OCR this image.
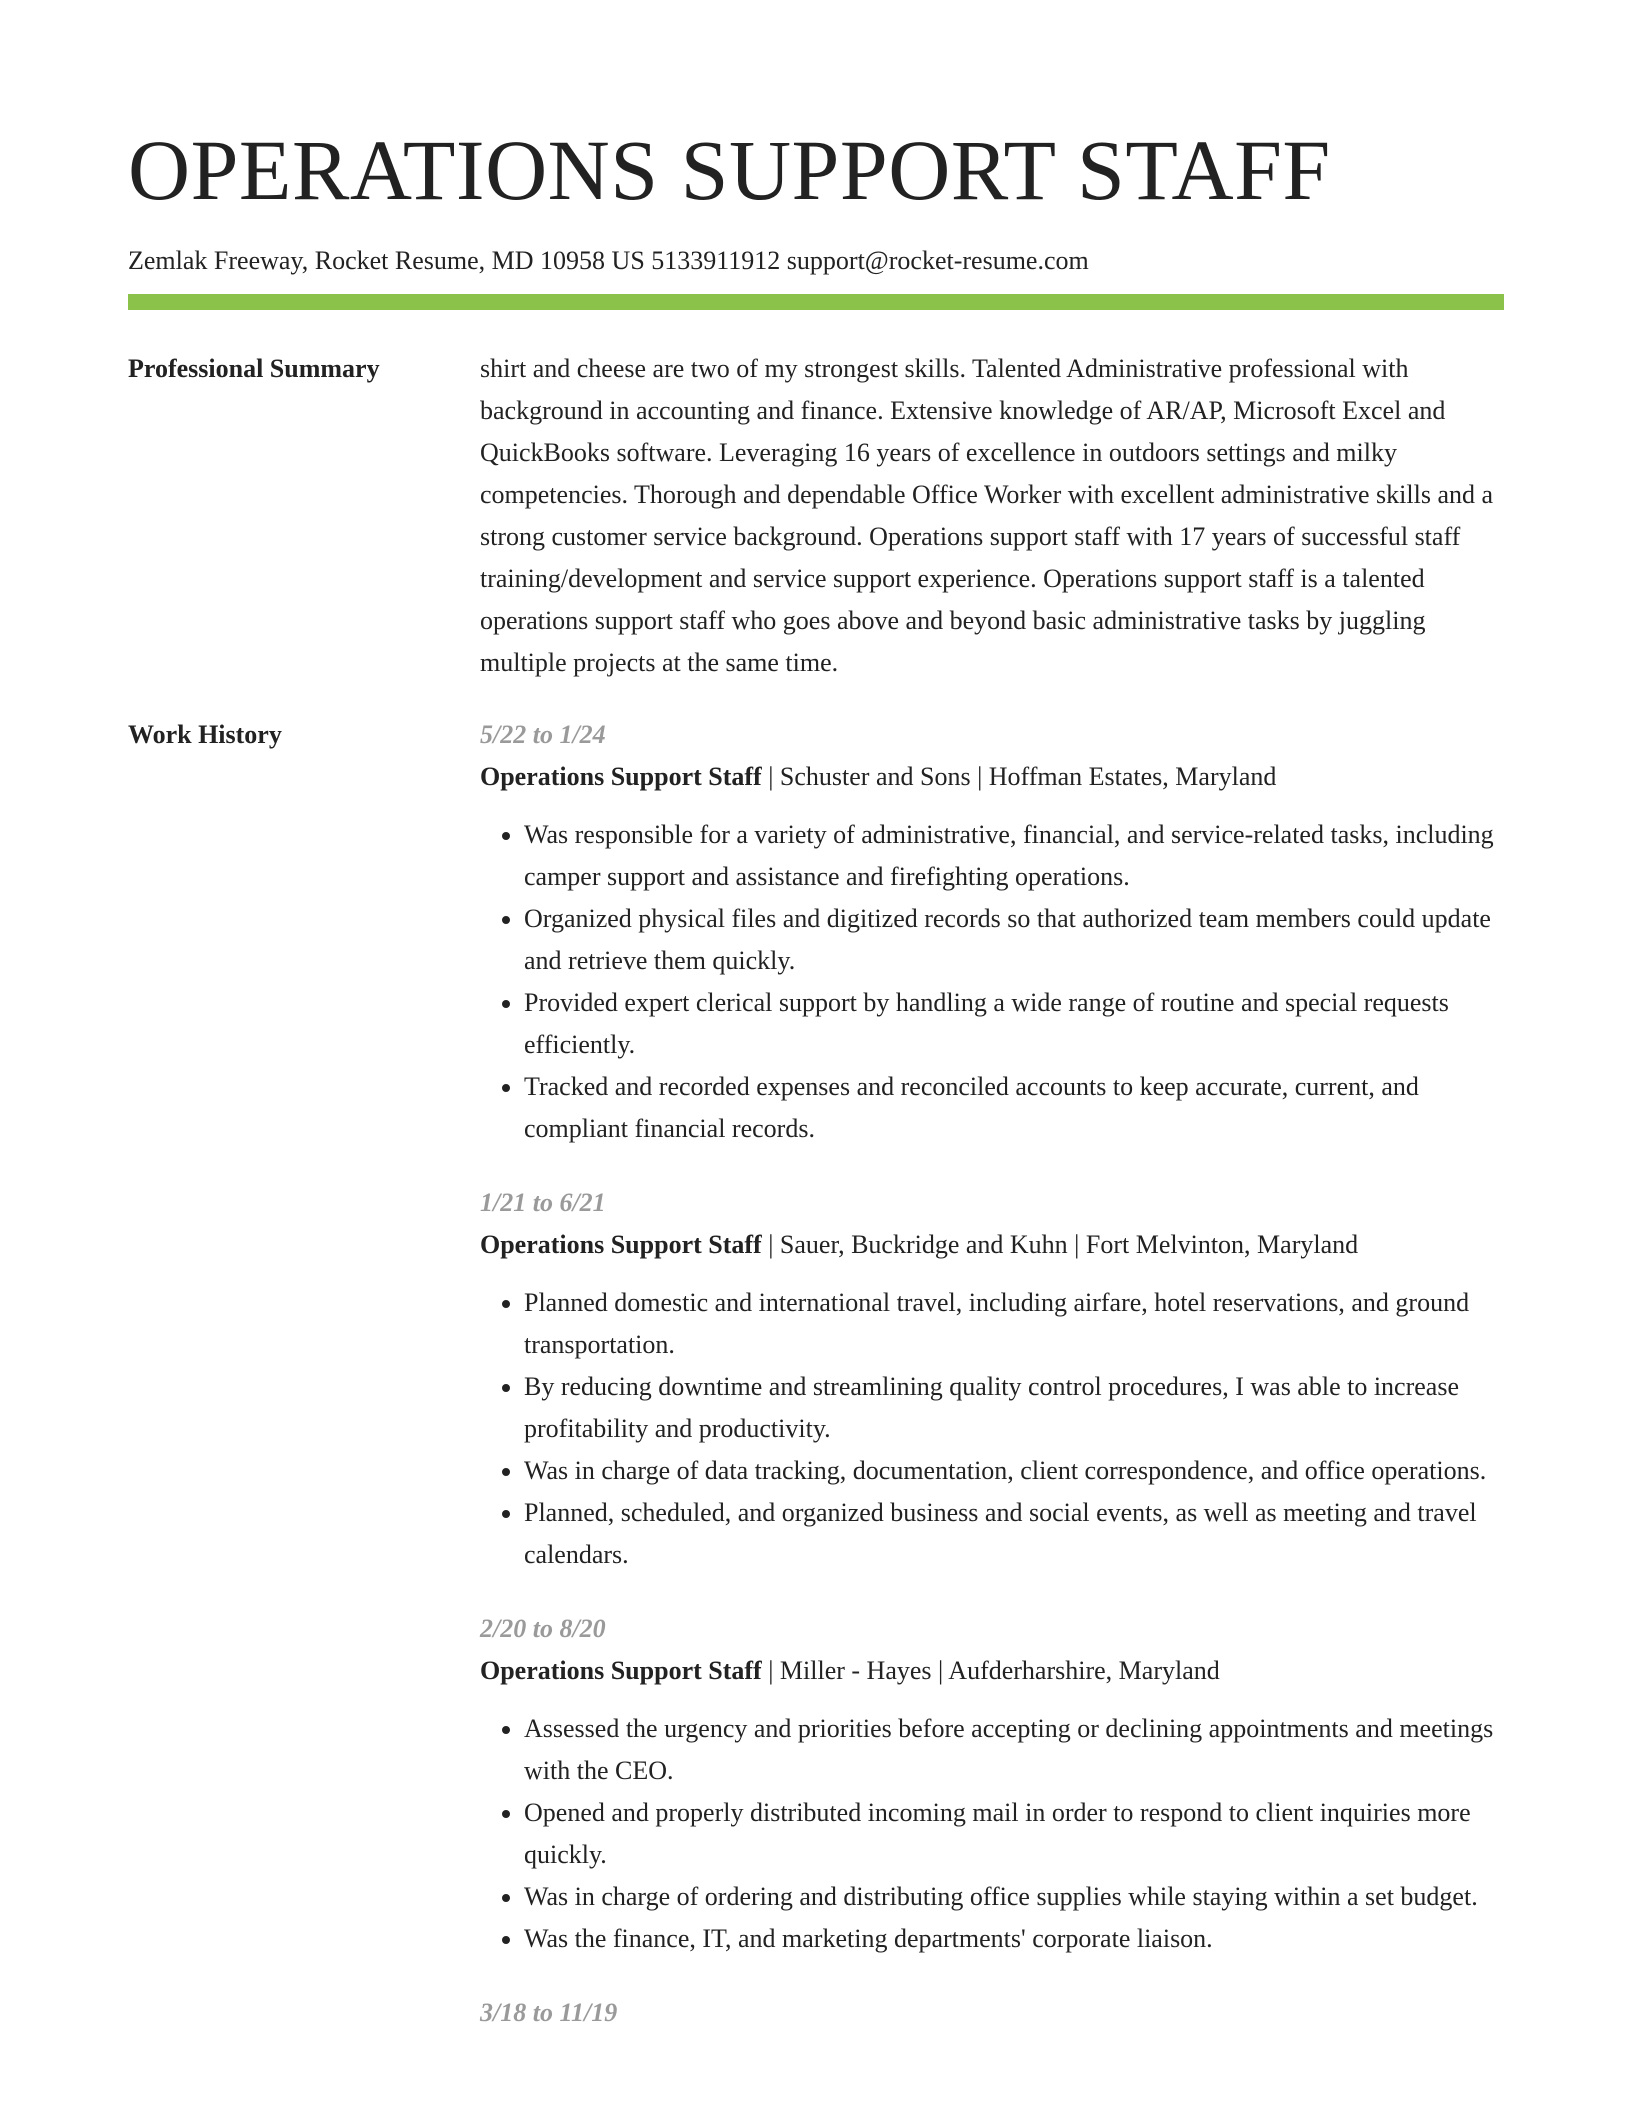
OPERATIONS SUPPORT STAFF
Zemlak Freeway, Rocket Resume, MD 10958 US 5133911912 support@rocket-resume.com
Professional Summary	shirt and cheese are two of my strongest skills. Talented Administrative professional with background in accounting and finance. Extensive knowledge of AR/AP, Microsoft Excel and QuickBooks software. Leveraging 16 years of excellence in outdoors settings and milky competencies. Thorough and dependable Office Worker with excellent administrative skills and a strong customer service background. Operations support staff with 17 years of successful staff training/development and service support experience. Operations support staff is a talented operations support staff who goes above and beyond basic administrative tasks by juggling multiple projects at the same time.

Work History	5/22 to 1/24
Operations Support Staff | Schuster and Sons | Hoffman Estates, Maryland
• Was responsible for a variety of administrative, financial, and service-related tasks, including camper support and assistance and firefighting operations.
• Organized physical files and digitized records so that authorized team members could update and retrieve them quickly.
• Provided expert clerical support by handling a wide range of routine and special requests efficiently.
• Tracked and recorded expenses and reconciled accounts to keep accurate, current, and compliant financial records.
1/21 to 6/21
Operations Support Staff | Sauer, Buckridge and Kuhn | Fort Melvinton, Maryland
• Planned domestic and international travel, including airfare, hotel reservations, and ground transportation.
• By reducing downtime and streamlining quality control procedures, I was able to increase profitability and productivity.
• Was in charge of data tracking, documentation, client correspondence, and office operations.
• Planned, scheduled, and organized business and social events, as well as meeting and travel calendars.
2/20 to 8/20
Operations Support Staff | Miller - Hayes | Aufderharshire, Maryland
• Assessed the urgency and priorities before accepting or declining appointments and meetings with the CEO.
• Opened and properly distributed incoming mail in order to respond to client inquiries more quickly.
• Was in charge of ordering and distributing office supplies while staying within a set budget.
• Was the finance, IT, and marketing departments' corporate liaison.
3/18 to 11/19
